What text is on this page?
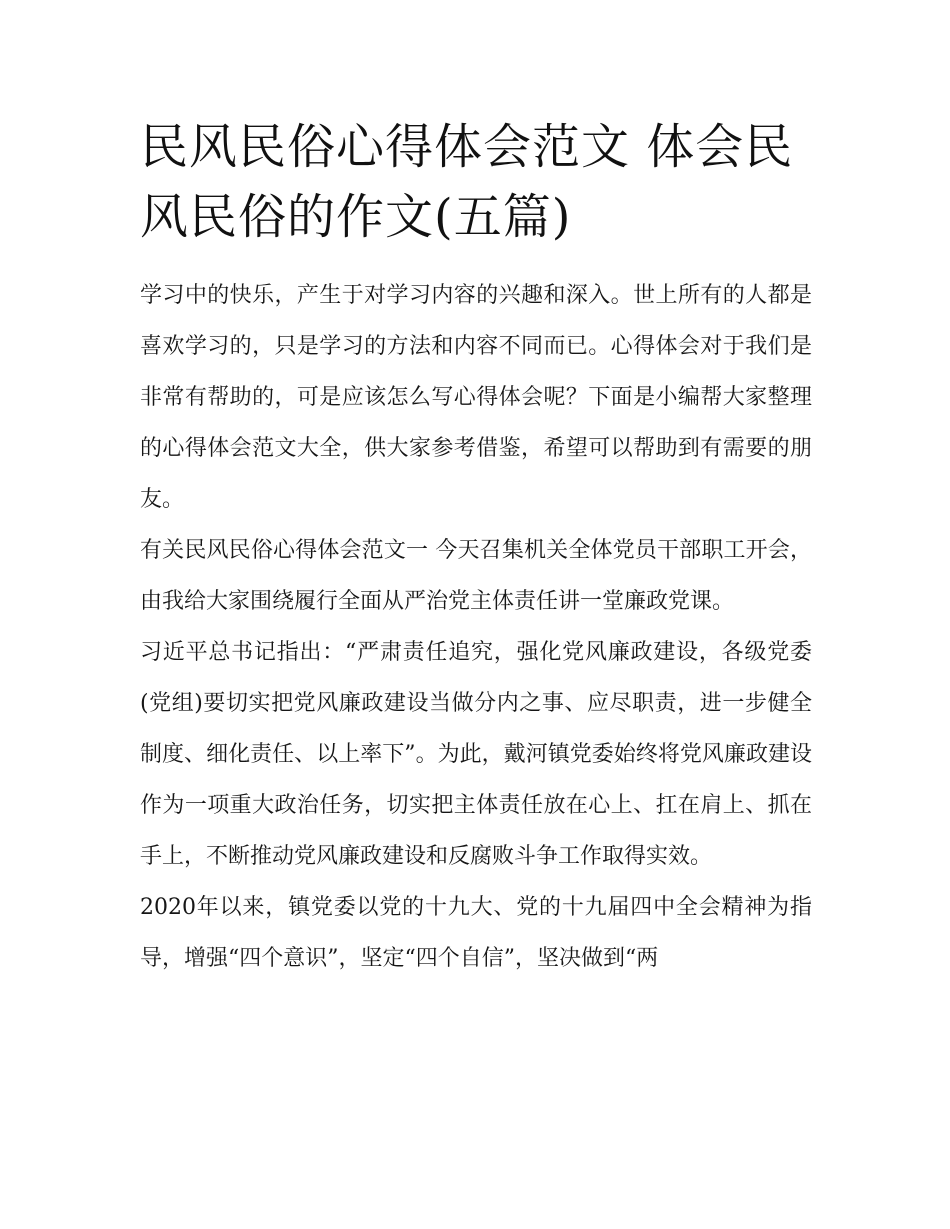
民风民俗心得体会范文 体会民风民俗的作文(五篇)

学习中的快乐，产生于对学习内容的兴趣和深入。世上所有的人都是喜欢学习的，只是学习的方法和内容不同而已。心得体会对于我们是非常有帮助的，可是应该怎么写心得体会呢？下面是小编帮大家整理的心得体会范文大全，供大家参考借鉴，希望可以帮助到有需要的朋友。

有关民风民俗心得体会范文一 今天召集机关全体党员干部职工开会，由我给大家围绕履行全面从严治党主体责任讲一堂廉政党课。

习近平总书记指出：“严肃责任追究，强化党风廉政建设，各级党委(党组)要切实把党风廉政建设当做分内之事、应尽职责，进一步健全制度、细化责任、以上率下”。为此，戴河镇党委始终将党风廉政建设作为一项重大政治任务，切实把主体责任放在心上、扛在肩上、抓在手上，不断推动党风廉政建设和反腐败斗争工作取得实效。

2020年以来，镇党委以党的十九大、党的十九届四中全会精神为指导，增强“四个意识”，坚定“四个自信”，坚决做到“两
